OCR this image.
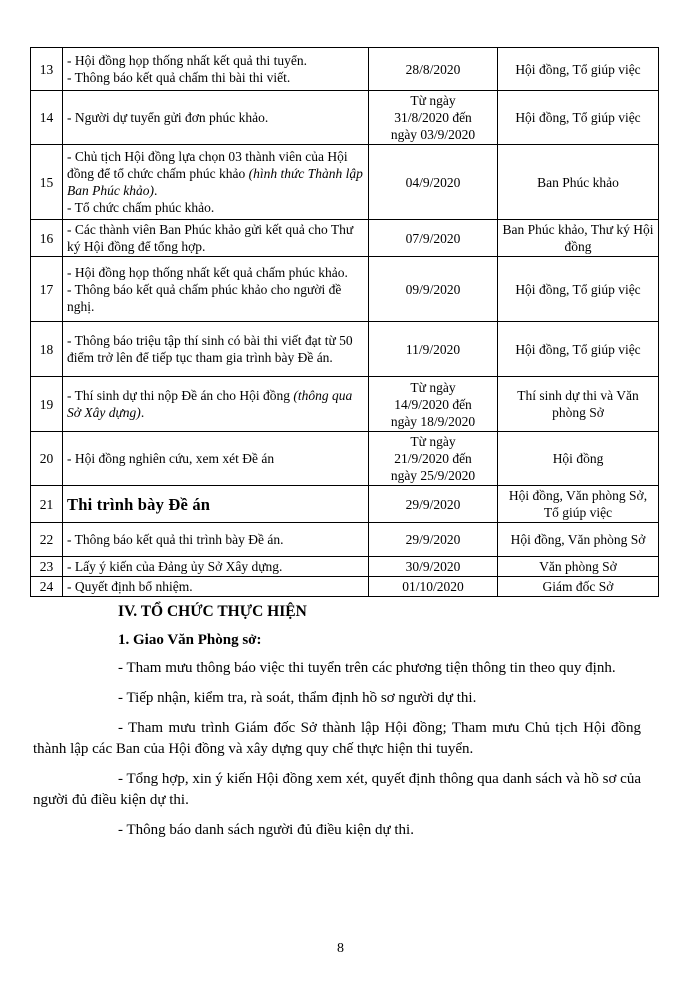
13	- Hội đồng họp thống nhất kết quả thi tuyển.
- Thông báo kết quả chấm thi bài thi viết.	28/8/2020	Hội đồng, Tổ giúp việc
14	- Người dự tuyển gửi đơn phúc khảo.	Từ ngày
31/8/2020 đến
ngày 03/9/2020	Hội đồng, Tổ giúp việc
15	- Chủ tịch Hội đồng lựa chọn 03 thành viên của Hội đồng để tổ chức chấm phúc khảo (hình thức Thành lập Ban Phúc khảo).
- Tổ chức chấm phúc khảo.	04/9/2020	Ban Phúc khảo
16	- Các thành viên Ban Phúc khảo gửi kết quả cho Thư ký Hội đồng để tổng hợp.	07/9/2020	Ban Phúc khảo, Thư ký Hội đồng
17	- Hội đồng họp thống nhất kết quả chấm phúc khảo.
- Thông báo kết quả chấm phúc khảo cho người đề nghị.	09/9/2020	Hội đồng, Tổ giúp việc
18	- Thông báo triệu tập thí sinh có bài thi viết đạt từ 50 điểm trở lên để tiếp tục tham gia trình bày Đề án.	11/9/2020	Hội đồng, Tổ giúp việc
19	- Thí sinh dự thi nộp Đề án cho Hội đồng (thông qua Sở Xây dựng).	Từ ngày
14/9/2020 đến
ngày 18/9/2020	Thí sinh dự thi và Văn phòng Sở
20	- Hội đồng nghiên cứu, xem xét Đề án	Từ ngày
21/9/2020 đến
ngày 25/9/2020	Hội đồng
21	Thi trình bày Đề án	29/9/2020	Hội đồng, Văn phòng Sở, Tổ giúp việc
22	- Thông báo kết quả thi trình bày Đề án.	29/9/2020	Hội đồng, Văn phòng Sở
23	- Lấy ý kiến của Đảng ủy Sở Xây dựng.	30/9/2020	Văn phòng Sở
24	- Quyết định bổ nhiệm.	01/10/2020	Giám đốc Sở

IV. TỔ CHỨC THỰC HIỆN

1. Giao Văn Phòng sở:

- Tham mưu thông báo việc thi tuyển trên các phương tiện thông tin theo quy định.

- Tiếp nhận, kiểm tra, rà soát, thẩm định hồ sơ người dự thi.

- Tham mưu trình Giám đốc Sở thành lập Hội đồng; Tham mưu Chủ tịch Hội đồng thành lập các Ban của Hội đồng và xây dựng quy chế thực hiện thi tuyển.

- Tổng hợp, xin ý kiến Hội đồng xem xét, quyết định thông qua danh sách và hồ sơ của người đủ điều kiện dự thi.

- Thông báo danh sách người đủ điều kiện dự thi.

8
